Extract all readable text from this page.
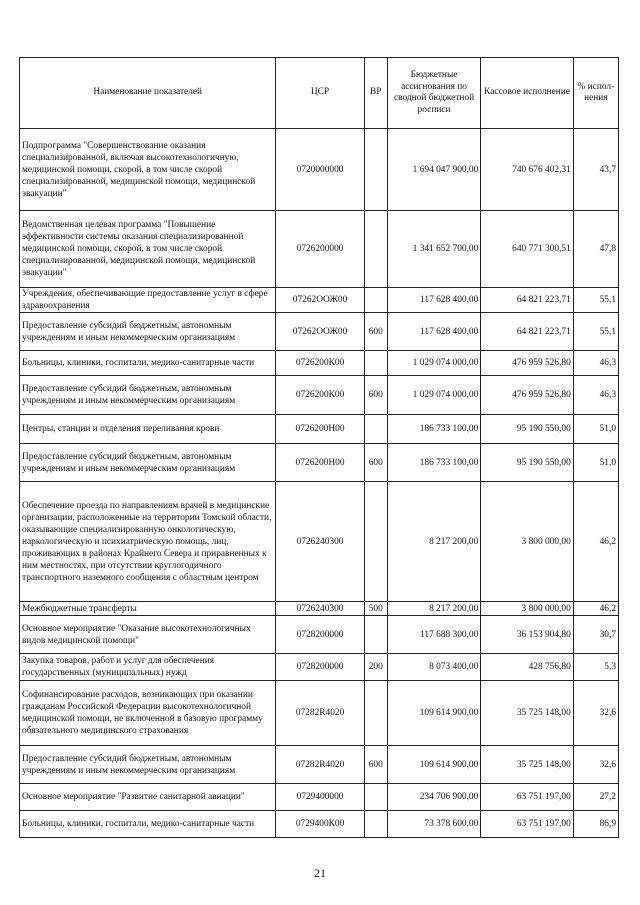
Наименование показателей	ЦСР	ВР	Бюджетные ассигнования по сводной бюджетной росписи	Кассовое исполнение	% испол-нения
Подпрограмма "Совершенствование оказания специализированной, включая высокотехнологичную, медицинской помощи, скорой, в том числе скорой специализированной, медицинской помощи, медицинской эвакуации"	0720000000		1 694 047 900,00	740 676 402,31	43,7
Ведомственная целевая программа "Повышение эффективности системы оказания специализированной медицинской помощи, скорой, в том числе скорой специализированной, медицинской помощи, медицинской эвакуации"	0726200000		1 341 652 700,00	640 771 300,51	47,8
Учреждения, обеспечивающие предоставление услуг в сфере здравоохранения	07262ООЖ00		117 628 400,00	64 821 223,71	55,1
Предоставление субсидий бюджетным, автономным учреждениям и иным некоммерческим организациям	07262ООЖ00	600	117 628 400,00	64 821 223,71	55,1
Больницы, клиники, госпитали, медико-санитарные части	0726200К00		1 029 074 000,00	476 959 526,80	46,3
Предоставление субсидий бюджетным, автономным учреждениям и иным некоммерческим организациям	0726200К00	600	1 029 074 000,00	476 959 526,80	46,3
Центры, станции и отделения переливания крови	0726200Н00		186 733 100,00	95 190 550,00	51,0
Предоставление субсидий бюджетным, автономным учреждениям и иным некоммерческим организациям	0726200Н00	600	186 733 100,00	95 190 550,00	51,0
Обеспечение проезда по направлениям врачей в медицинские организации, расположенные на территории Томской области, оказывающие специализированную онкологическую, наркологическую и психиатрическую помощь, лиц, проживающих в районах Крайнего Севера и приравненных к ним местностях, при отсутствии круглогодичного транспортного наземного сообщения с областным центром	0726240300		8 217 200,00	3 800 000,00	46,2
Межбюджетные трансферты	0726240300	500	8 217 200,00	3 800 000,00	46,2
Основное мероприятие "Оказание высокотехнологичных видов медицинской помощи"	0728200000		117 688 300,00	36 153 904,80	30,7
Закупка товаров, работ и услуг для обеспечения государственных (муниципальных) нужд	0728200000	200	8 073 400,00	428 756,80	5,3
Софинансирование расходов, возникающих при оказании гражданам Российской Федерации высокотехнологичной медицинской помощи, не включенной в базовую программу обязательного медицинского страхования	07282R4020		109 614 900,00	35 725 148,00	32,6
Предоставление субсидий бюджетным, автономным учреждениям и иным некоммерческим организациям	07282R4020	600	109 614 900,00	35 725 148,00	32,6
Основное мероприятие "Развитие санитарной авиации"	0729400000		234 706 900,00	63 751 197,00	27,2
Больницы, клиники, госпитали, медико-санитарные части	0729400К00		73 378 600,00	63 751 197,00	86,9
21
